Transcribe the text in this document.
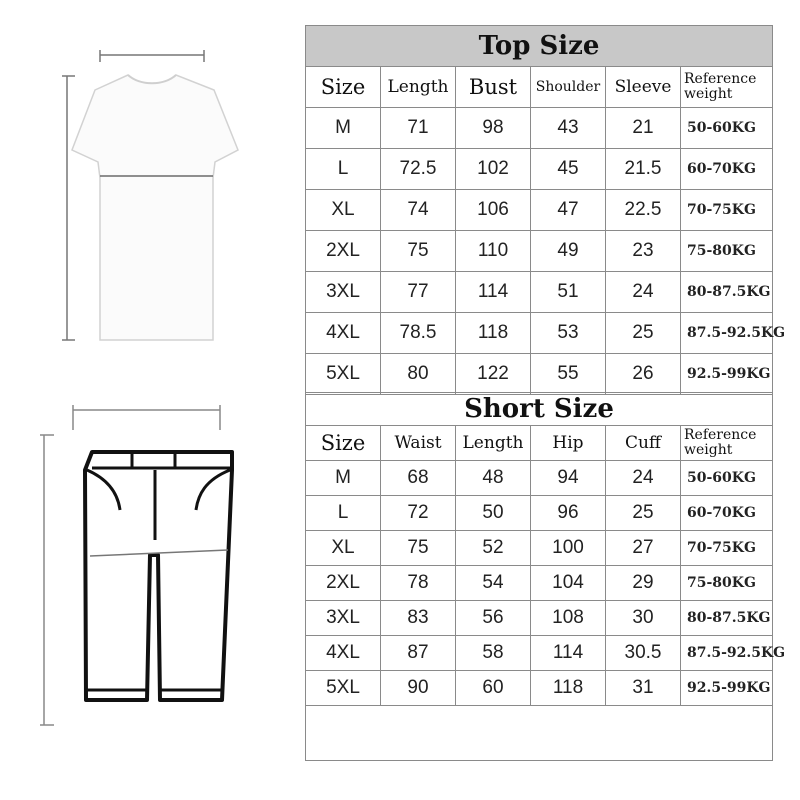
Top Size					
Size	Length	Bust	Shoulder	Sleeve	Reference weight
M	71	98	43	21	50-60KG
L	72.5	102	45	21.5	60-70KG
XL	74	106	47	22.5	70-75KG
2XL	75	110	49	23	75-80KG
3XL	77	114	51	24	80-87.5KG
4XL	78.5	118	53	25	87.5-92.5KG
5XL	80	122	55	26	92.5-99KG
Short Size					
Size	Waist	Length	Hip	Cuff	Reference weight
M	68	48	94	24	50-60KG
L	72	50	96	25	60-70KG
XL	75	52	100	27	70-75KG
2XL	78	54	104	29	75-80KG
3XL	83	56	108	30	80-87.5KG
4XL	87	58	114	30.5	87.5-92.5KG
5XL	90	60	118	31	92.5-99KG
